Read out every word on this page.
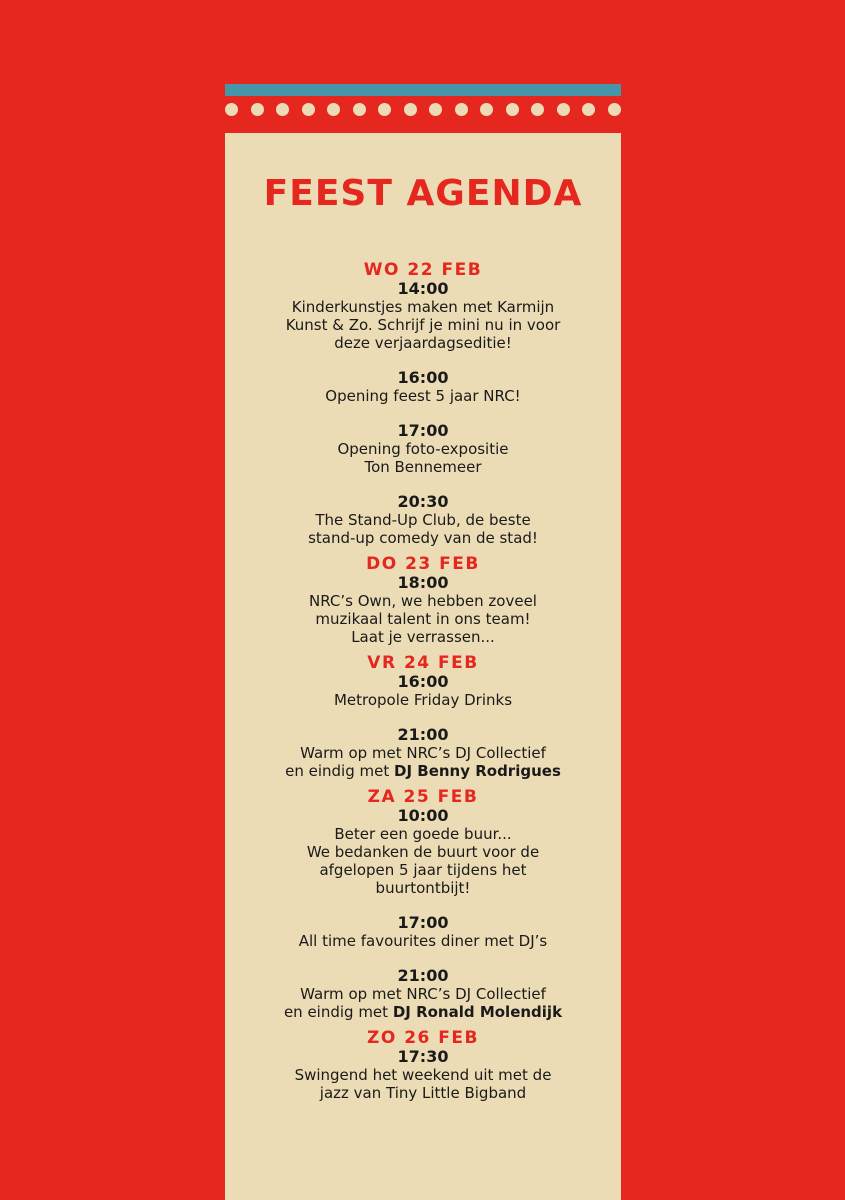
FEEST AGENDA
WO 22 FEB
14:00
Kinderkunstjes maken met Karmijn
Kunst & Zo. Schrijf je mini nu in voor
deze verjaardagseditie!
16:00
Opening feest 5 jaar NRC!
17:00
Opening foto-expositie
Ton Bennemeer
20:30
The Stand-Up Club, de beste
stand-up comedy van de stad!
DO 23 FEB
18:00
NRC’s Own, we hebben zoveel
muzikaal talent in ons team!
Laat je verrassen...
VR 24 FEB
16:00
Metropole Friday Drinks
21:00
Warm op met NRC’s DJ Collectief
en eindig met DJ Benny Rodrigues
ZA 25 FEB
10:00
Beter een goede buur...
We bedanken de buurt voor de
afgelopen 5 jaar tijdens het
buurtontbijt!
17:00
All time favourites diner met DJ’s
21:00
Warm op met NRC’s DJ Collectief
en eindig met DJ Ronald Molendijk
ZO 26 FEB
17:30
Swingend het weekend uit met de
jazz van Tiny Little Bigband
